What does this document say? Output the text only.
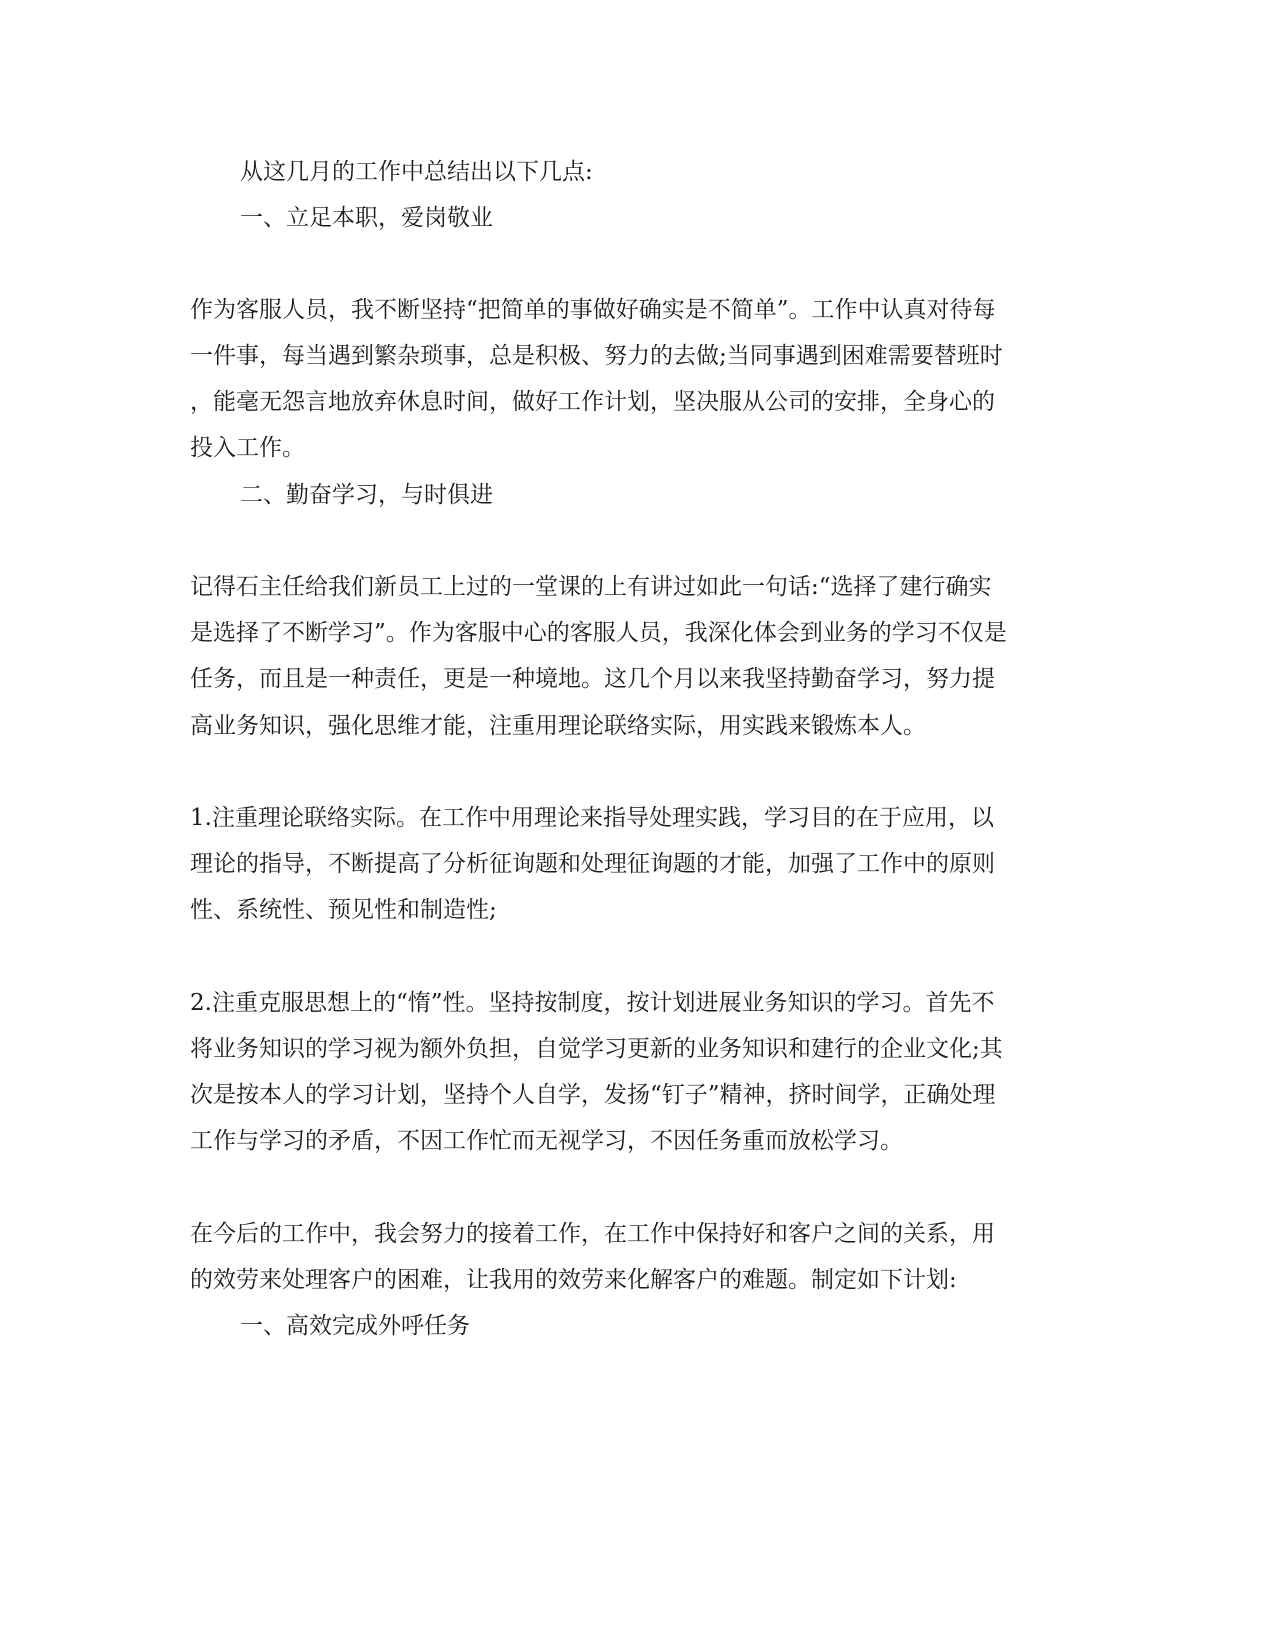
从这几月的工作中总结出以下几点:
一、立足本职，爱岗敬业
作为客服人员，我不断坚持“把简单的事做好确实是不简单”。工作中认真对待每
一件事，每当遇到繁杂琐事，总是积极、努力的去做;当同事遇到困难需要替班时
，能毫无怨言地放弃休息时间，做好工作计划，坚决服从公司的安排，全身心的
投入工作。
二、勤奋学习，与时俱进
记得石主任给我们新员工上过的一堂课的上有讲过如此一句话:“选择了建行确实
是选择了不断学习”。作为客服中心的客服人员，我深化体会到业务的学习不仅是
任务，而且是一种责任，更是一种境地。这几个月以来我坚持勤奋学习，努力提
高业务知识，强化思维才能，注重用理论联络实际，用实践来锻炼本人。
1.注重理论联络实际。在工作中用理论来指导处理实践，学习目的在于应用，以
理论的指导，不断提高了分析征询题和处理征询题的才能，加强了工作中的原则
性、系统性、预见性和制造性;
2.注重克服思想上的“惰”性。坚持按制度，按计划进展业务知识的学习。首先不
将业务知识的学习视为额外负担，自觉学习更新的业务知识和建行的企业文化;其
次是按本人的学习计划，坚持个人自学，发扬“钉子”精神，挤时间学，正确处理
工作与学习的矛盾，不因工作忙而无视学习，不因任务重而放松学习。
在今后的工作中，我会努力的接着工作，在工作中保持好和客户之间的关系，用
的效劳来处理客户的困难，让我用的效劳来化解客户的难题。制定如下计划:
一、高效完成外呼任务
